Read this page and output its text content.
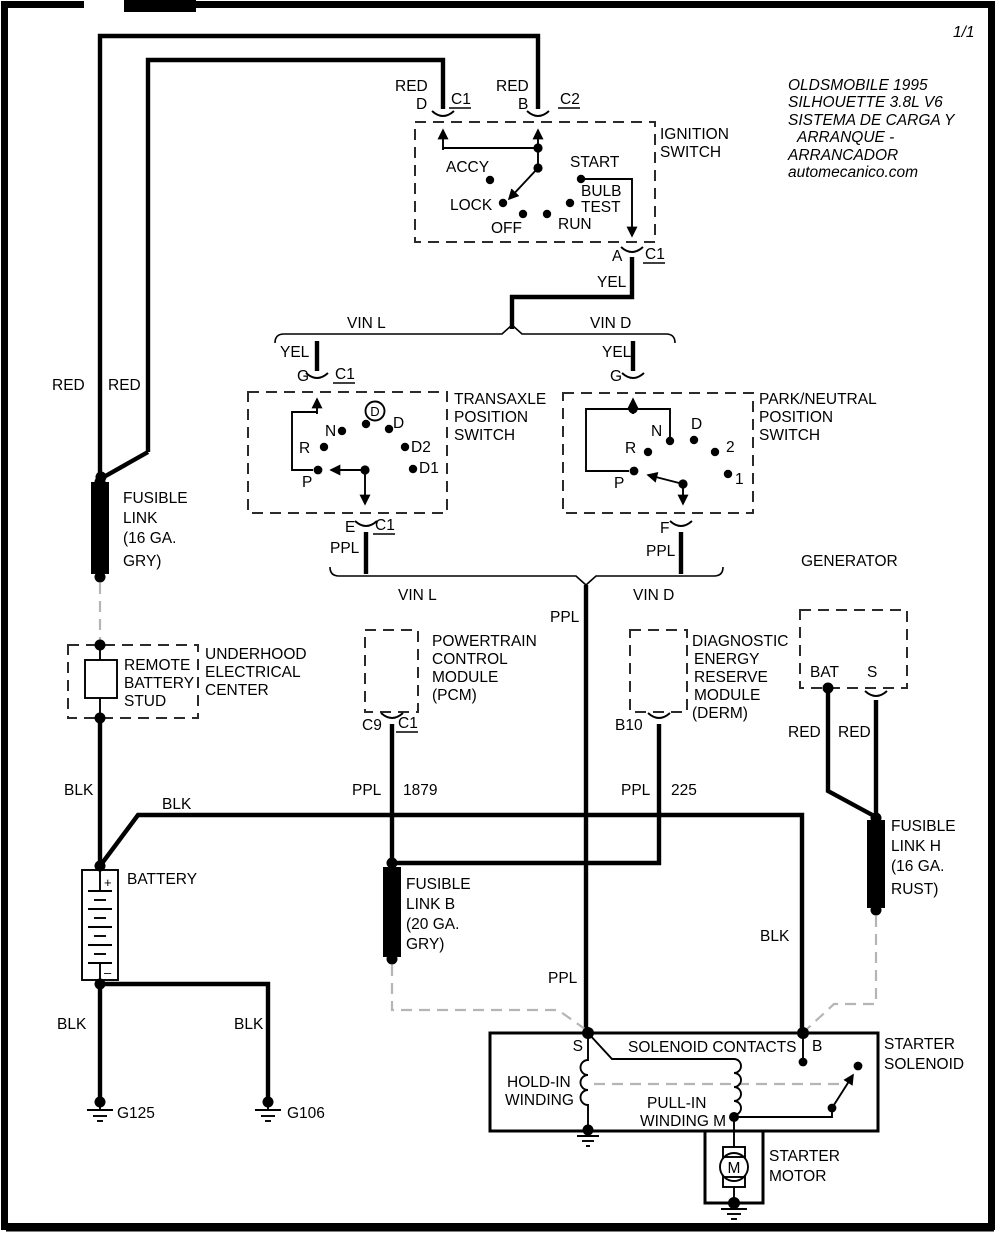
1/1
OLDSMOBILE 1995
SILHOUETTE 3.8L V6
SISTEMA DE CARGA Y
ARRANQUE -
ARRANCADOR
automecanico.com
RED RED
IGNITION
SWITCH
RED
D C1
RED
B C2
ACCY
LOCK
OFF RUN
BULB
TEST
START
A C1
YEL
VIN L	VIN D
YEL
G C1
YEL
G
TRANSAXLE
POSITION
SWITCH
D
P
R
N	D
D2
D1
E C1
PPL
PARK/NEUTRAL
POSITION
SWITCH
P
R
N D
2
1
F
PPL
VIN L	VIN D
PPL
PPL
GENERATOR
BAT S
RED RED
FUSIBLE
LINK H
(16 GA.
RUST)
POWERTRAIN
CONTROL
MODULE
(PCM)
C9 C1
PPL 1879
DIAGNOSTIC
ENERGY
RESERVE
MODULE
(DERM)
B10
PPL 225
FUSIBLE
LINK
(16 GA.
GRY)
REMOTE
BATTERY
STUD
UNDERHOOD
ELECTRICAL
CENTER
BLK
BLK
BLK
BATTERY
+
–
BLK	BLK
G125	G106
FUSIBLE
LINK B
(20 GA.
GRY)
STARTER
SOLENOID
S	B
SOLENOID CONTACTS
HOLD-IN
WINDING	PULL-IN
WINDING M
M
STARTER
MOTOR
